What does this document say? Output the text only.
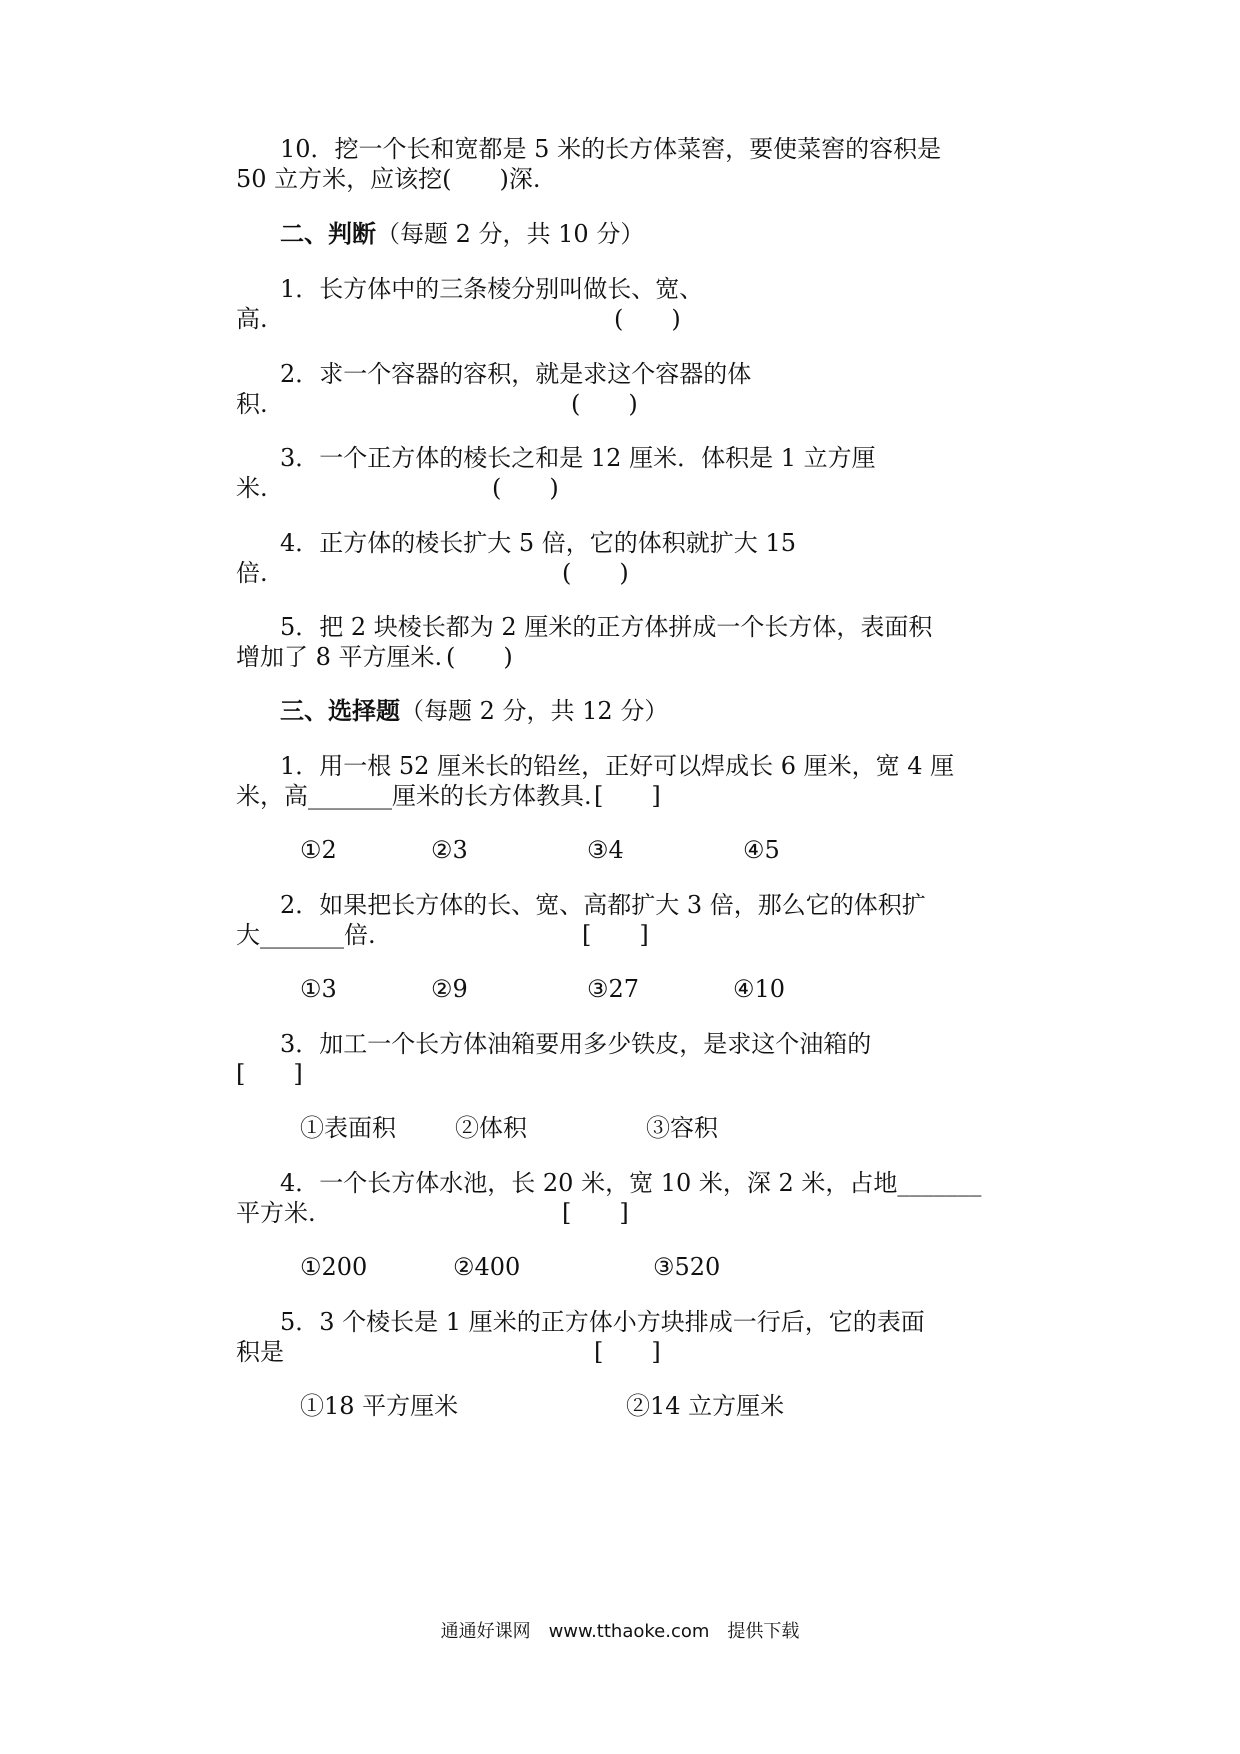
10．挖一个长和宽都是 5 米的长方体菜窖，要使菜窖的容积是
50 立方米，应该挖(　　)深.
二、判断（每题 2 分，共 10 分）
1．长方体中的三条棱分别叫做长、宽、
高.	(　　)
2．求一个容器的容积，就是求这个容器的体
积.	(　　)
3．一个正方体的棱长之和是 12 厘米．体积是 1 立方厘
米.	(　　)
4．正方体的棱长扩大 5 倍，它的体积就扩大 15
倍.	(　　)
5．把 2 块棱长都为 2 厘米的正方体拼成一个长方体，表面积
增加了 8 平方厘米. (　　)
三、选择题（每题 2 分，共 12 分）
1．用一根 52 厘米长的铅丝，正好可以焊成长 6 厘米，宽 4 厘
米，高_______厘米的长方体教具. [　　]
①2	②3	③4	④5
2．如果把长方体的长、宽、高都扩大 3 倍，那么它的体积扩
大_______倍.	[　　]
①3	②9	③27	④10
3．加工一个长方体油箱要用多少铁皮，是求这个油箱的
[　　]
①表面积 ②体积	③容积
4．一个长方体水池，长 20 米，宽 10 米，深 2 米，占地_______
平方米.	[　　]
①200	②400	③520
5．3 个棱长是 1 厘米的正方体小方块排成一行后，它的表面
积是	[　　]
①18 平方厘米	②14 立方厘米
通通好课网　www.tthaoke.com　提供下载
